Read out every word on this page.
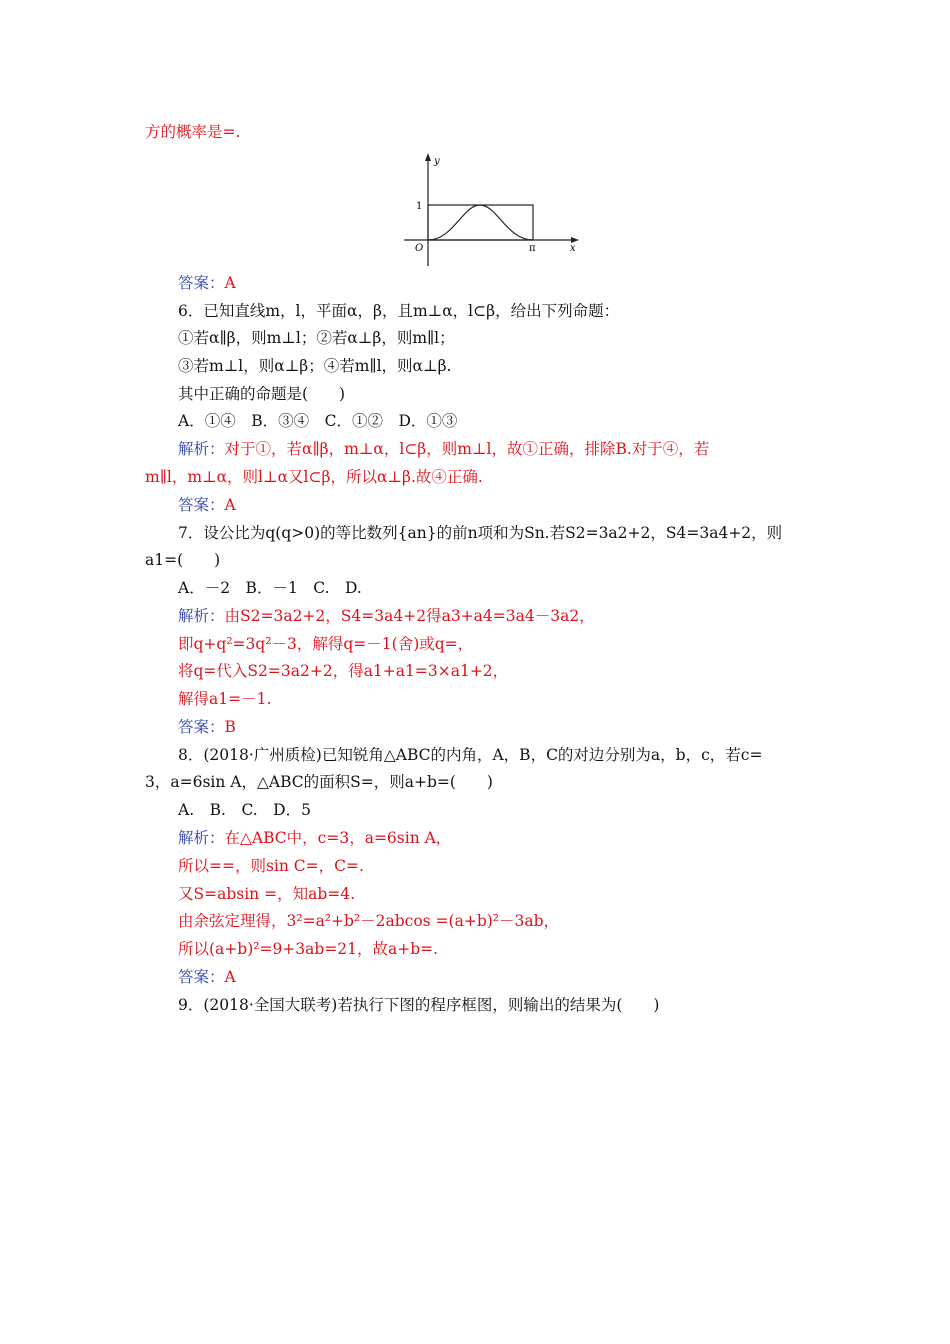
方的概率是=.
y
x
1
O	π
答案：A
6．已知直线m，l，平面α，β，且m⊥α，l⊂β，给出下列命题：
①若α∥β，则m⊥l；②若α⊥β，则m∥l；
③若m⊥l，则α⊥β；④若m∥l，则α⊥β.
其中正确的命题是(　　)
A．①④　B．③④　C．①②　D．①③
解析：对于①，若α∥β，m⊥α，l⊂β，则m⊥l，故①正确，排除B.对于④，若
m∥l，m⊥α，则l⊥α又l⊂β，所以α⊥β.故④正确.
答案：A
7．设公比为q(q>0)的等比数列{an}的前n项和为Sn.若S2=3a2+2，S4=3a4+2，则
a1=(　　)
A．－2　B．－1　C.　D.
解析：由S2=3a2+2，S4=3a4+2得a3+a4=3a4－3a2，
即q+q²=3q²－3，解得q=－1(舍)或q=，
将q=代入S2=3a2+2，得a1+a1=3×a1+2，
解得a1=－1.
答案：B
8．(2018·广州质检)已知锐角△ABC的内角，A，B，C的对边分别为a，b，c，若c=
3，a=6sin A，△ABC的面积S=，则a+b=(　　)
A.　B.　C.　D．5
解析：在△ABC中，c=3，a=6sin A，
所以==，则sin C=，C=.
又S=absin =，知ab=4.
由余弦定理得，3²=a²+b²－2abcos =(a+b)²－3ab，
所以(a+b)²=9+3ab=21，故a+b=.
答案：A
9．(2018·全国大联考)若执行下图的程序框图，则输出的结果为(　　)
